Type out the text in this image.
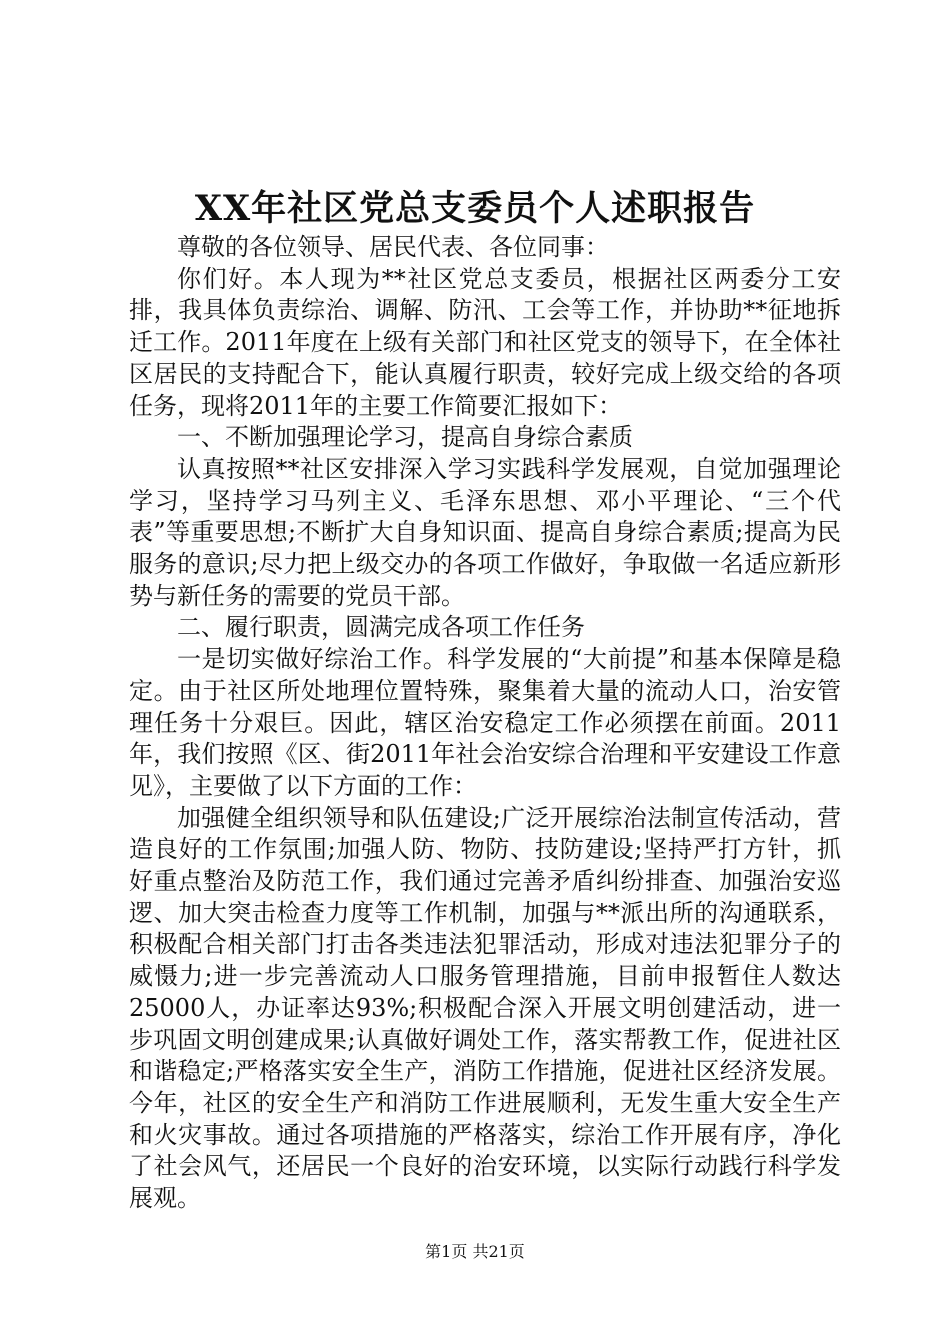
XX年社区党总支委员个人述职报告

尊敬的各位领导、居民代表、各位同事：

你们好。本人现为**社区党总支委员，根据社区两委分工安排，我具体负责综治、调解、防汛、工会等工作，并协助**征地拆迁工作。2011年度在上级有关部门和社区党支的领导下，在全体社区居民的支持配合下，能认真履行职责，较好完成上级交给的各项任务，现将2011年的主要工作简要汇报如下：

一、不断加强理论学习，提高自身综合素质

认真按照**社区安排深入学习实践科学发展观，自觉加强理论学习，坚持学习马列主义、毛泽东思想、邓小平理论、“三个代表”等重要思想;不断扩大自身知识面、提高自身综合素质;提高为民服务的意识;尽力把上级交办的各项工作做好，争取做一名适应新形势与新任务的需要的党员干部。

二、履行职责，圆满完成各项工作任务

一是切实做好综治工作。科学发展的“大前提”和基本保障是稳定。由于社区所处地理位置特殊，聚集着大量的流动人口，治安管理任务十分艰巨。因此，辖区治安稳定工作必须摆在前面。2011年，我们按照《区、街2011年社会治安综合治理和平安建设工作意见》，主要做了以下方面的工作：

加强健全组织领导和队伍建设;广泛开展综治法制宣传活动，营造良好的工作氛围;加强人防、物防、技防建设;坚持严打方针，抓好重点整治及防范工作，我们通过完善矛盾纠纷排查、加强治安巡逻、加大突击检查力度等工作机制，加强与**派出所的沟通联系，积极配合相关部门打击各类违法犯罪活动，形成对违法犯罪分子的威慑力;进一步完善流动人口服务管理措施，目前申报暂住人数达25000人，办证率达93%;积极配合深入开展文明创建活动，进一步巩固文明创建成果;认真做好调处工作，落实帮教工作，促进社区和谐稳定;严格落实安全生产，消防工作措施，促进社区经济发展。今年，社区的安全生产和消防工作进展顺利，无发生重大安全生产和火灾事故。通过各项措施的严格落实，综治工作开展有序，净化了社会风气，还居民一个良好的治安环境，以实际行动践行科学发展观。

第1页 共21页
